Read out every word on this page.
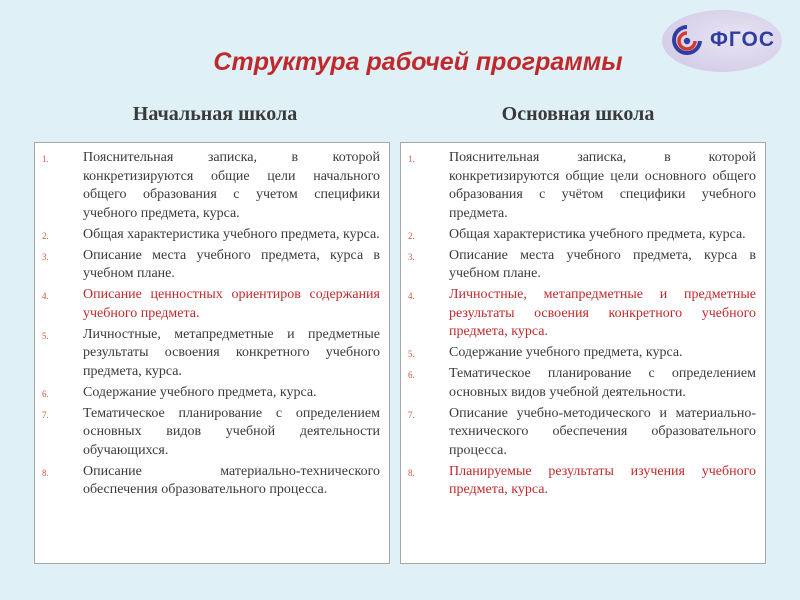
ФГОС
Структура рабочей программы
Начальная школа	Основная школа
1. Пояснительная записка, в которой конкретизируются общие цели начального общего образования с учетом специфики учебного предмета, курса.
2. Общая характеристика учебного предмета, курса.
3. Описание места учебного предмета, курса в учебном плане.
4. Описание ценностных ориентиров содержания учебного предмета.
5. Личностные, метапредметные и предметные результаты освоения конкретного учебного предмета, курса.
6. Содержание учебного предмета, курса.
7. Тематическое планирование с определением основных видов учебной деятельности обучающихся.
8. Описание материально-технического обеспечения образовательного процесса.
1. Пояснительная записка, в которой конкретизируются общие цели основного общего образования с учётом специфики учебного предмета.
2. Общая характеристика учебного предмета, курса.
3. Описание места учебного предмета, курса в учебном плане.
4. Личностные, метапредметные и предметные результаты освоения конкретного учебного предмета, курса.
5. Содержание учебного предмета, курса.
6. Тематическое планирование с определением основных видов учебной деятельности.
7. Описание учебно-методического и материально-технического обеспечения образовательного процесса.
8. Планируемые результаты изучения учебного предмета, курса.
